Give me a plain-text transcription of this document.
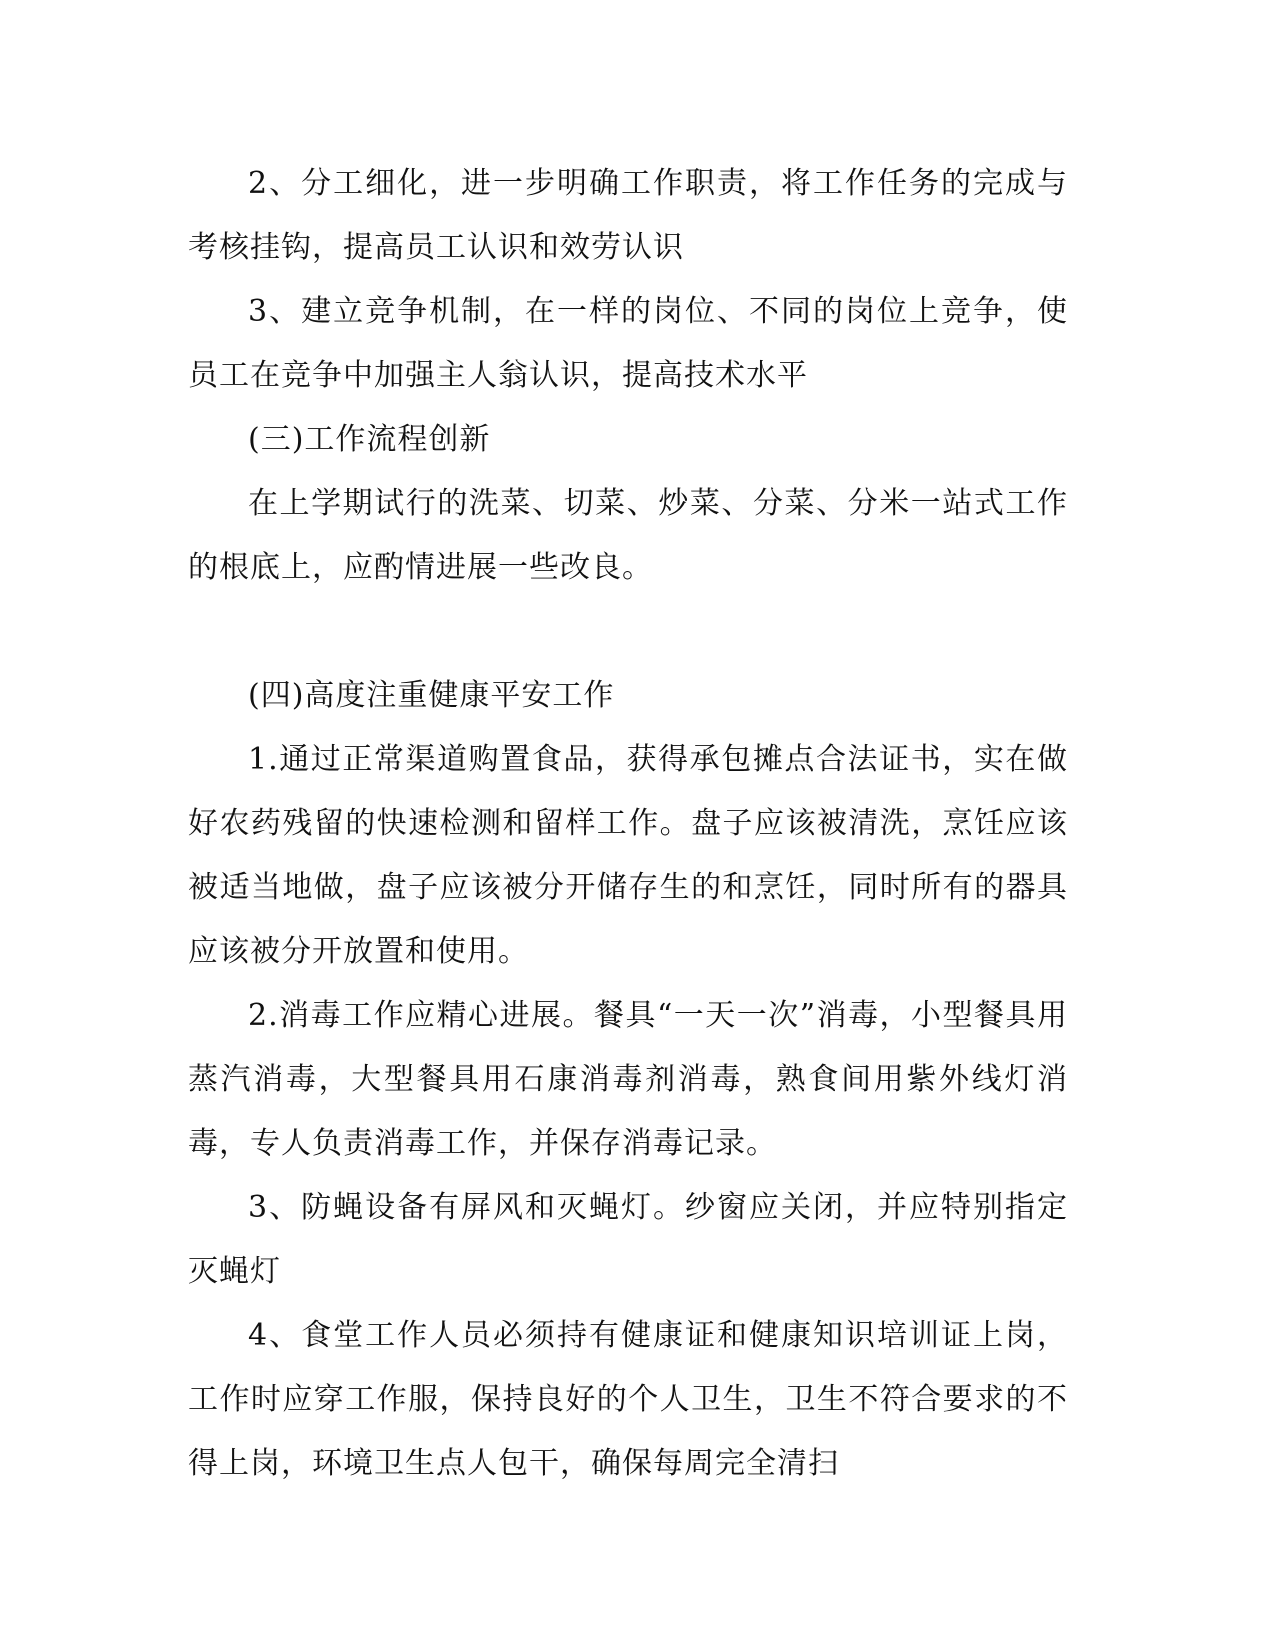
2、分工细化，进一步明确工作职责，将工作任务的完成与考核挂钩，提高员工认识和效劳认识

3、建立竞争机制，在一样的岗位、不同的岗位上竞争，使员工在竞争中加强主人翁认识，提高技术水平

(三)工作流程创新

在上学期试行的洗菜、切菜、炒菜、分菜、分米一站式工作的根底上，应酌情进展一些改良。

(四)高度注重健康平安工作

1.通过正常渠道购置食品，获得承包摊点合法证书，实在做好农药残留的快速检测和留样工作。盘子应该被清洗，烹饪应该被适当地做，盘子应该被分开储存生的和烹饪，同时所有的器具应该被分开放置和使用。

2.消毒工作应精心进展。餐具“一天一次”消毒，小型餐具用蒸汽消毒，大型餐具用石康消毒剂消毒，熟食间用紫外线灯消毒，专人负责消毒工作，并保存消毒记录。

3、防蝇设备有屏风和灭蝇灯。纱窗应关闭，并应特别指定灭蝇灯

4、食堂工作人员必须持有健康证和健康知识培训证上岗，工作时应穿工作服，保持良好的个人卫生，卫生不符合要求的不得上岗，环境卫生点人包干，确保每周完全清扫
